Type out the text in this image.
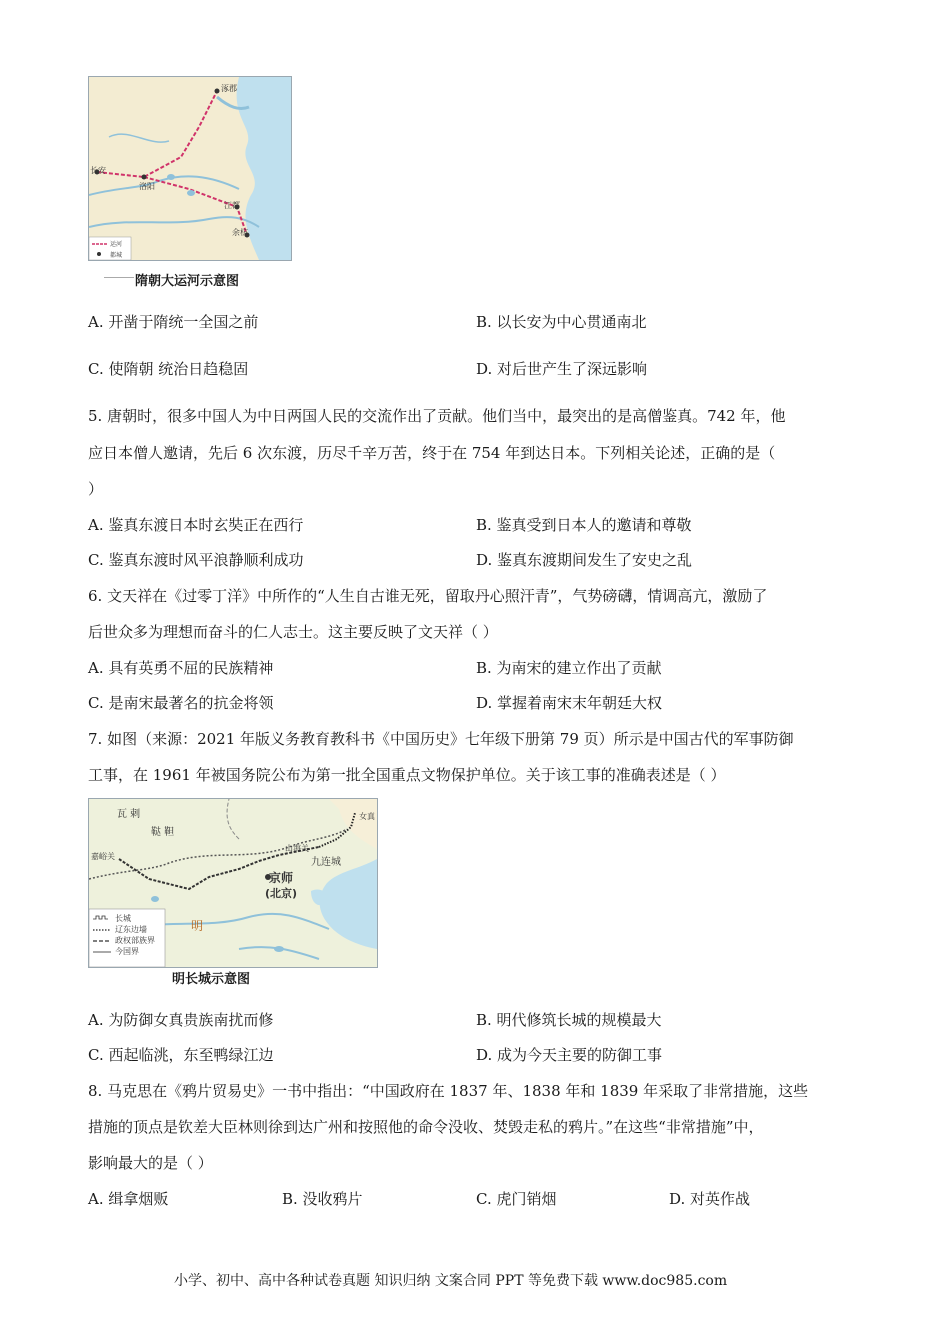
长安
洛阳
江都
余杭
涿郡
运河
都城
隋朝大运河示意图
A. 开凿于隋统一全国之前	B. 以长安为中心贯通南北
C. 使隋朝 统治日趋稳固	D. 对后世产生了深远影响
5. 唐朝时，很多中国人为中日两国人民的交流作出了贡献。他们当中，最突出的是高僧鉴真。742 年，他
应日本僧人邀请，先后 6 次东渡，历尽千辛万苦，终于在 754 年到达日本。下列相关论述，正确的是（
）
A. 鉴真东渡日本时玄奘正在西行	B. 鉴真受到日本人的邀请和尊敬
C. 鉴真东渡时风平浪静顺利成功	D. 鉴真东渡期间发生了安史之乱
6. 文天祥在《过零丁洋》中所作的“人生自古谁无死，留取丹心照汗青”，气势磅礴，情调高亢，激励了
后世众多为理想而奋斗的仁人志士。这主要反映了文天祥（ ）
A. 具有英勇不屈的民族精神	B. 为南宋的建立作出了贡献
C. 是南宋最著名的抗金将领	D. 掌握着南宋末年朝廷大权
7. 如图（来源：2021 年版义务教育教科书《中国历史》七年级下册第 79 页）所示是中国古代的军事防御
工事，在 1961 年被国务院公布为第一批全国重点文物保护单位。关于该工事的准确表述是（ ）
瓦 剌
鞑 靼
女真
嘉峪关
山海关
九连城
京师
(北京)
明
长城
辽东边墙
政权部族界
今国界
明长城示意图
A. 为防御女真贵族南扰而修	B. 明代修筑长城的规模最大
C. 西起临洮，东至鸭绿江边	D. 成为今天主要的防御工事
8. 马克思在《鸦片贸易史》一书中指出：“中国政府在 1837 年、1838 年和 1839 年采取了非常措施，这些
措施的顶点是钦差大臣林则徐到达广州和按照他的命令没收、焚毁走私的鸦片。”在这些“非常措施”中，
影响最大的是（ ）
A. 缉拿烟贩	B. 没收鸦片	C. 虎门销烟	D. 对英作战
小学、初中、高中各种试卷真题 知识归纳 文案合同 PPT 等免费下载 www.doc985.com
